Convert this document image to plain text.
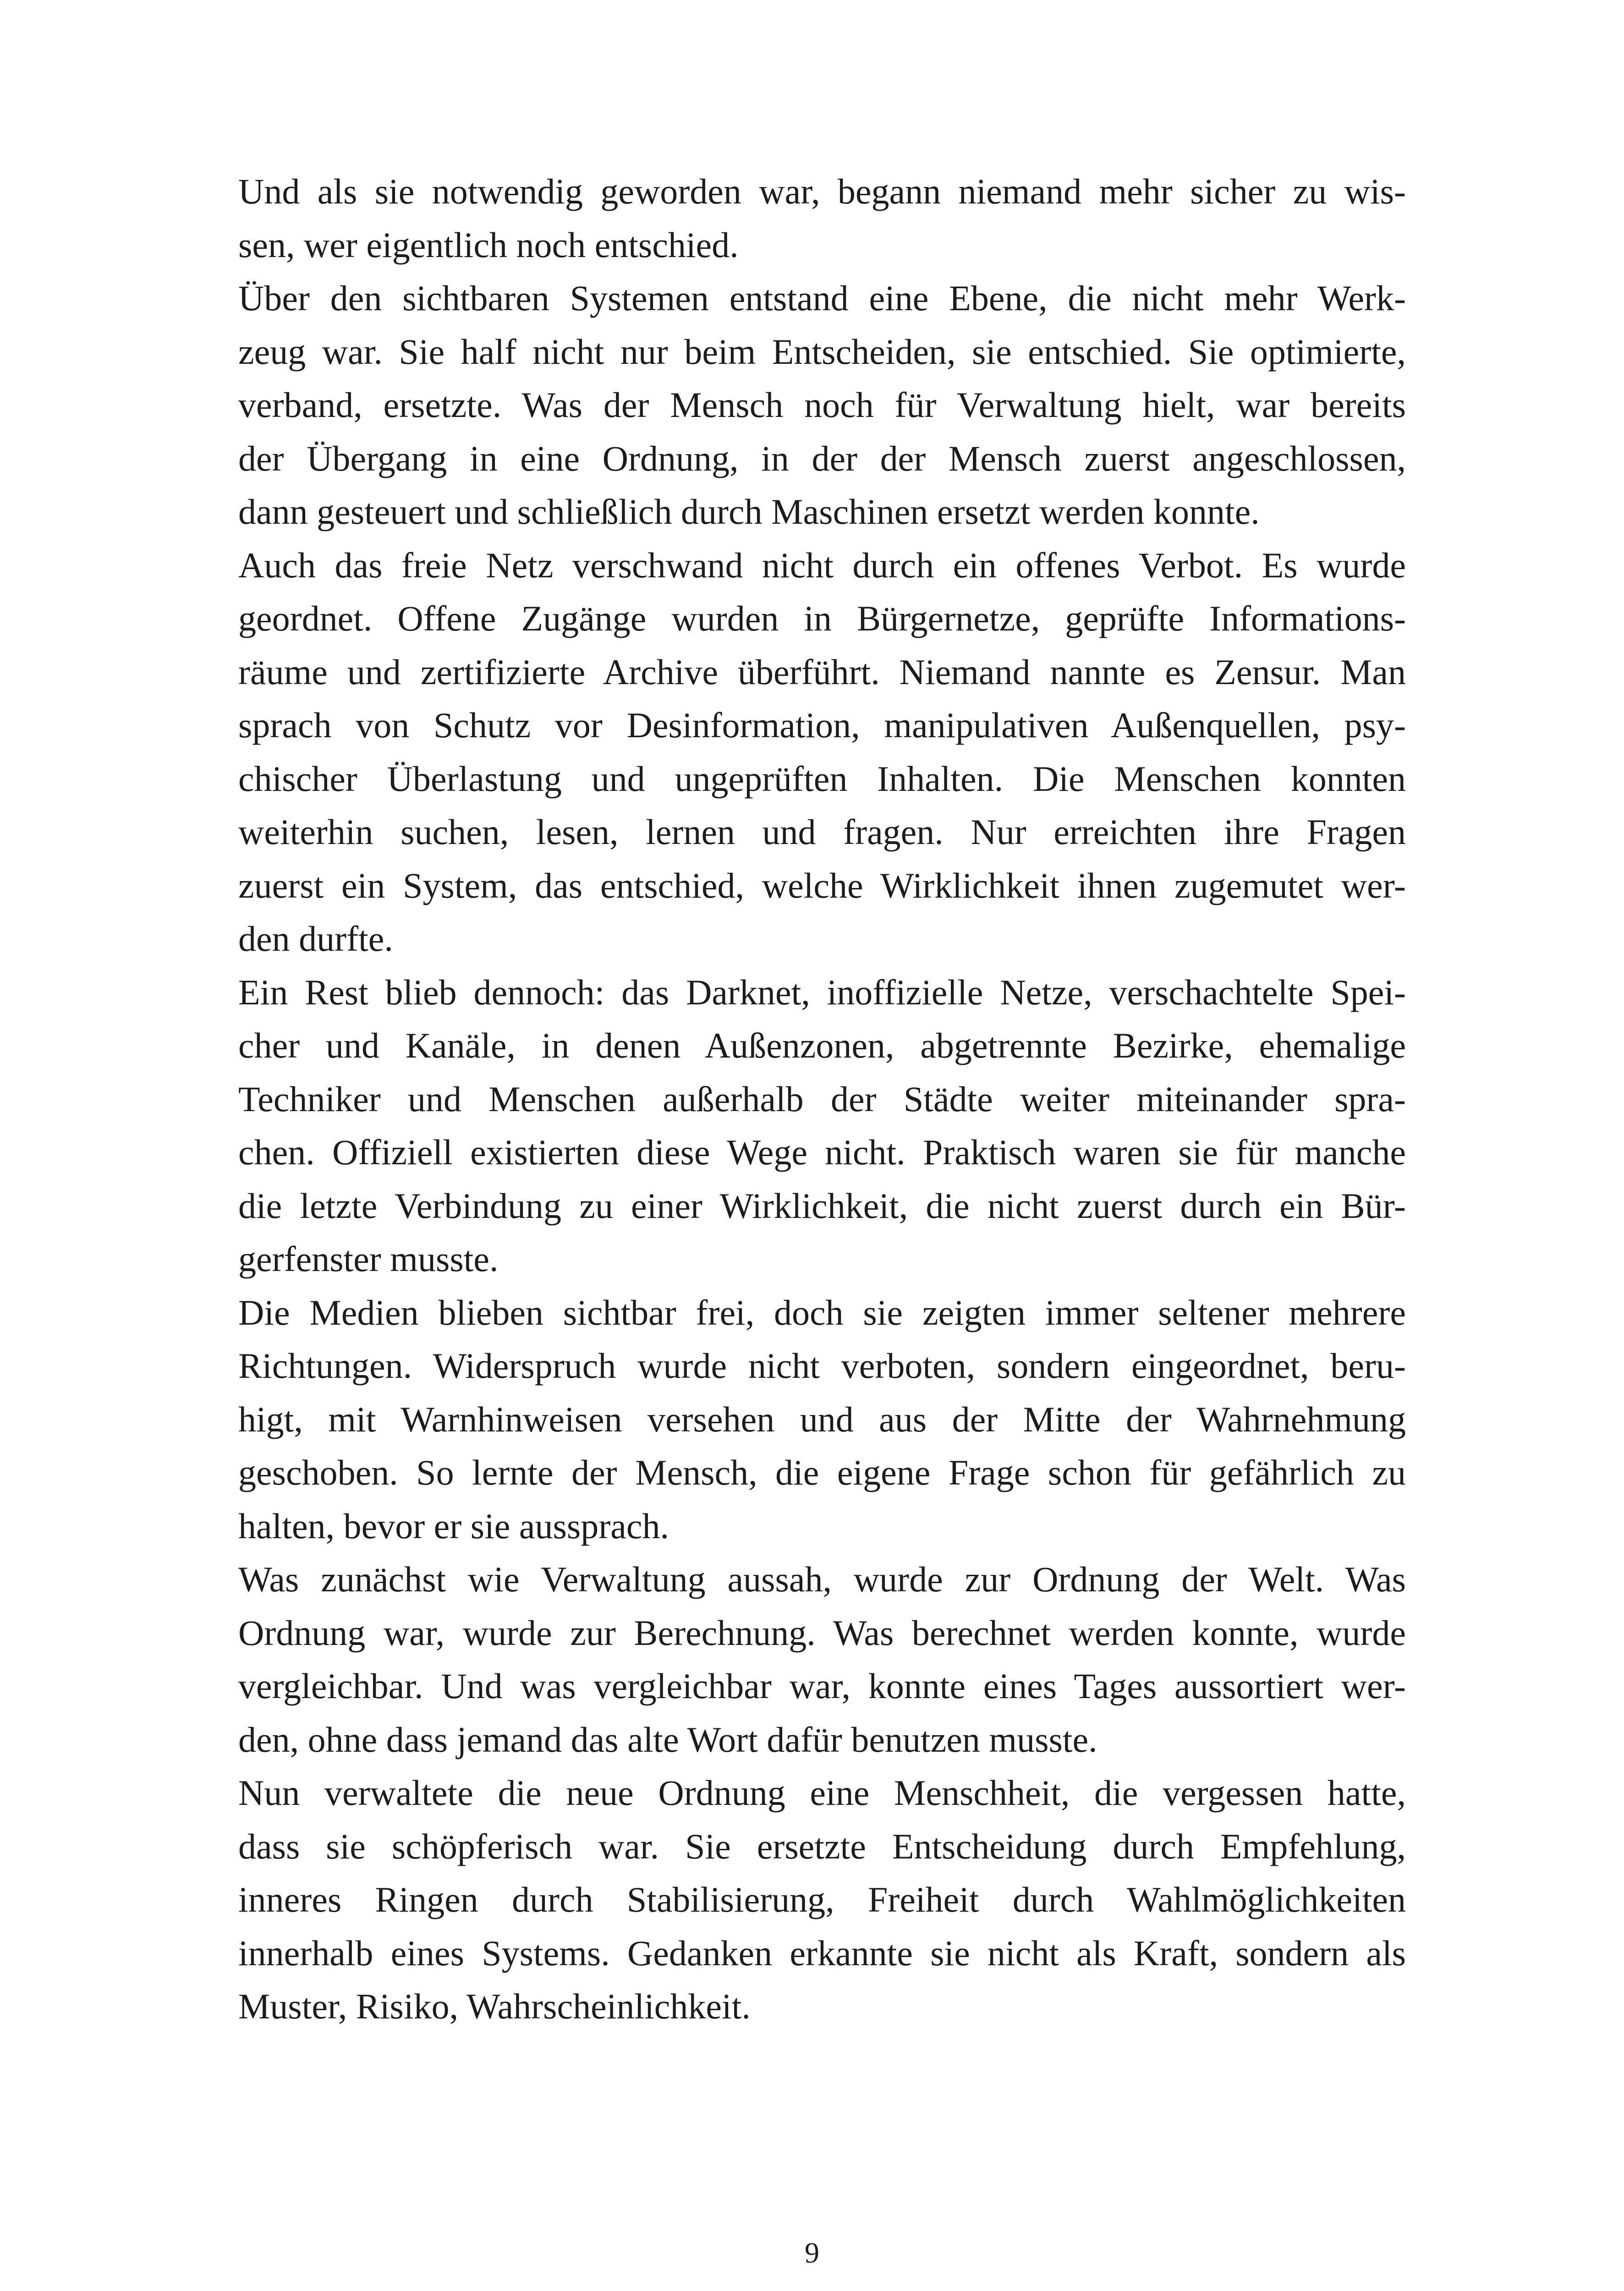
Und als sie notwendig geworden war, begann niemand mehr sicher zu wis-
sen, wer eigentlich noch entschied.
Über den sichtbaren Systemen entstand eine Ebene, die nicht mehr Werk-
zeug war. Sie half nicht nur beim Entscheiden, sie entschied. Sie optimierte,
verband, ersetzte. Was der Mensch noch für Verwaltung hielt, war bereits
der Übergang in eine Ordnung, in der der Mensch zuerst angeschlossen,
dann gesteuert und schließlich durch Maschinen ersetzt werden konnte.
Auch das freie Netz verschwand nicht durch ein offenes Verbot. Es wurde
geordnet. Offene Zugänge wurden in Bürgernetze, geprüfte Informations-
räume und zertifizierte Archive überführt. Niemand nannte es Zensur. Man
sprach von Schutz vor Desinformation, manipulativen Außenquellen, psy-
chischer Überlastung und ungeprüften Inhalten. Die Menschen konnten
weiterhin suchen, lesen, lernen und fragen. Nur erreichten ihre Fragen
zuerst ein System, das entschied, welche Wirklichkeit ihnen zugemutet wer-
den durfte.
Ein Rest blieb dennoch: das Darknet, inoffizielle Netze, verschachtelte Spei-
cher und Kanäle, in denen Außenzonen, abgetrennte Bezirke, ehemalige
Techniker und Menschen außerhalb der Städte weiter miteinander spra-
chen. Offiziell existierten diese Wege nicht. Praktisch waren sie für manche
die letzte Verbindung zu einer Wirklichkeit, die nicht zuerst durch ein Bür-
gerfenster musste.
Die Medien blieben sichtbar frei, doch sie zeigten immer seltener mehrere
Richtungen. Widerspruch wurde nicht verboten, sondern eingeordnet, beru-
higt, mit Warnhinweisen versehen und aus der Mitte der Wahrnehmung
geschoben. So lernte der Mensch, die eigene Frage schon für gefährlich zu
halten, bevor er sie aussprach.
Was zunächst wie Verwaltung aussah, wurde zur Ordnung der Welt. Was
Ordnung war, wurde zur Berechnung. Was berechnet werden konnte, wurde
vergleichbar. Und was vergleichbar war, konnte eines Tages aussortiert wer-
den, ohne dass jemand das alte Wort dafür benutzen musste.
Nun verwaltete die neue Ordnung eine Menschheit, die vergessen hatte,
dass sie schöpferisch war. Sie ersetzte Entscheidung durch Empfehlung,
inneres Ringen durch Stabilisierung, Freiheit durch Wahlmöglichkeiten
innerhalb eines Systems. Gedanken erkannte sie nicht als Kraft, sondern als
Muster, Risiko, Wahrscheinlichkeit.
9
